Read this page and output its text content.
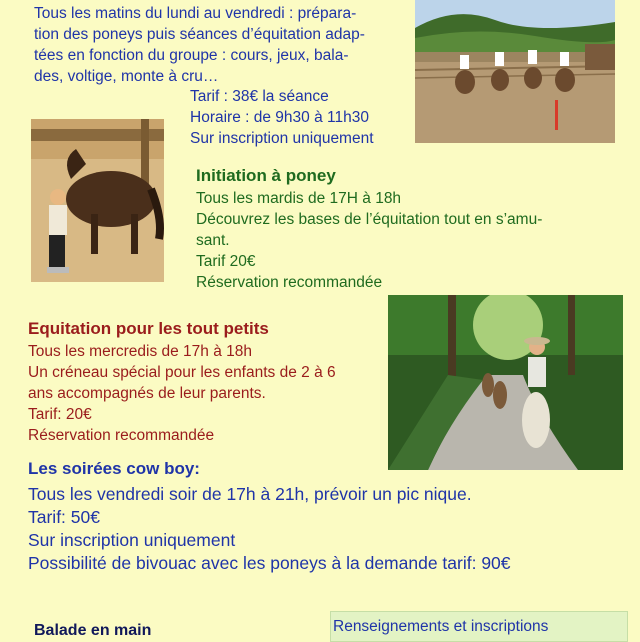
Tous les matins du lundi au vendredi : prépara-
tion des poneys puis séances d’équitation adap-
tées en fonction du groupe : cours, jeux, bala-
des, voltige, monte à cru…
Tarif : 38€ la séance
Horaire : de 9h30 à 11h30
Sur inscription uniquement
Initiation à poney
Tous les mardis de 17H à 18h
Découvrez les bases de l’équitation tout en s’amu-
sant.
Tarif 20€
Réservation recommandée
Equitation pour les tout petits
Tous les mercredis de 17h à 18h
Un créneau spécial pour les enfants de 2 à 6
ans accompagnés de leur parents.
Tarif: 20€
Réservation recommandée
Les soirées cow boy:
Tous les vendredi soir de 17h à 21h, prévoir un pic nique.
Tarif: 50€
Sur inscription uniquement
Possibilité de bivouac avec les poneys à la demande tarif: 90€
Balade en main	Renseignements et inscriptions
